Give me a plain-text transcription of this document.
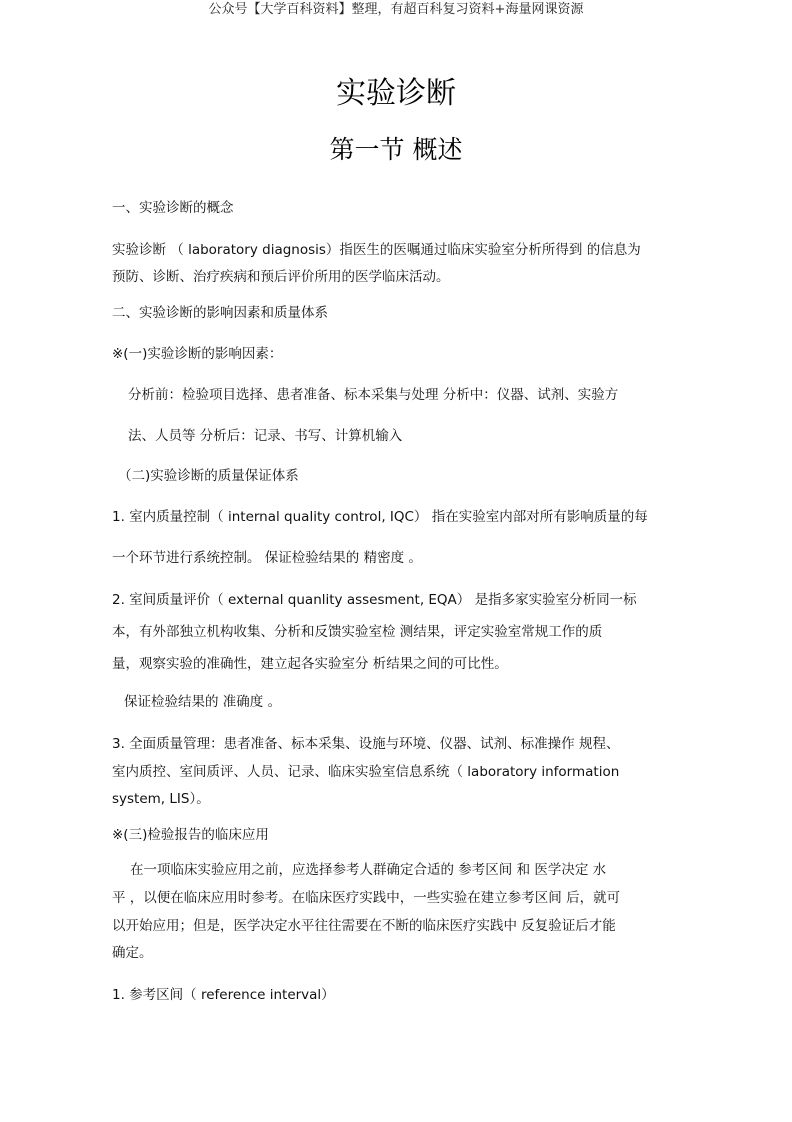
公众号【大学百科资料】整理，有超百科复习资料+海量网课资源
实验诊断
第一节 概述
一、实验诊断的概念
实验诊断 （ laboratory diagnosis）指医生的医嘱通过临床实验室分析所得到 的信息为
预防、诊断、治疗疾病和预后评价所用的医学临床活动。
二、实验诊断的影响因素和质量体系
※(一)实验诊断的影响因素：
分析前：检验项目选择、患者准备、标本采集与处理 分析中：仪器、试剂、实验方
法、人员等 分析后：记录、书写、计算机输入
（二)实验诊断的质量保证体系
1. 室内质量控制（ internal quality control, IQC） 指在实验室内部对所有影响质量的每
一个环节进行系统控制。 保证检验结果的 精密度 。
2. 室间质量评价（ external quanlity assesment, EQA） 是指多家实验室分析同一标
本，有外部独立机构收集、分析和反馈实验室检 测结果，评定实验室常规工作的质
量，观察实验的准确性，建立起各实验室分 析结果之间的可比性。
保证检验结果的 准确度 。
3. 全面质量管理：患者准备、标本采集、设施与环境、仪器、试剂、标准操作 规程、
室内质控、室间质评、人员、记录、临床实验室信息系统（ laboratory information
system, LIS）。
※(三)检验报告的临床应用
在一项临床实验应用之前，应选择参考人群确定合适的 参考区间 和 医学决定 水
平 ，以便在临床应用时参考。在临床医疗实践中，一些实验在建立参考区间 后，就可
以开始应用；但是，医学决定水平往往需要在不断的临床医疗实践中 反复验证后才能
确定。
1. 参考区间（ reference interval）
